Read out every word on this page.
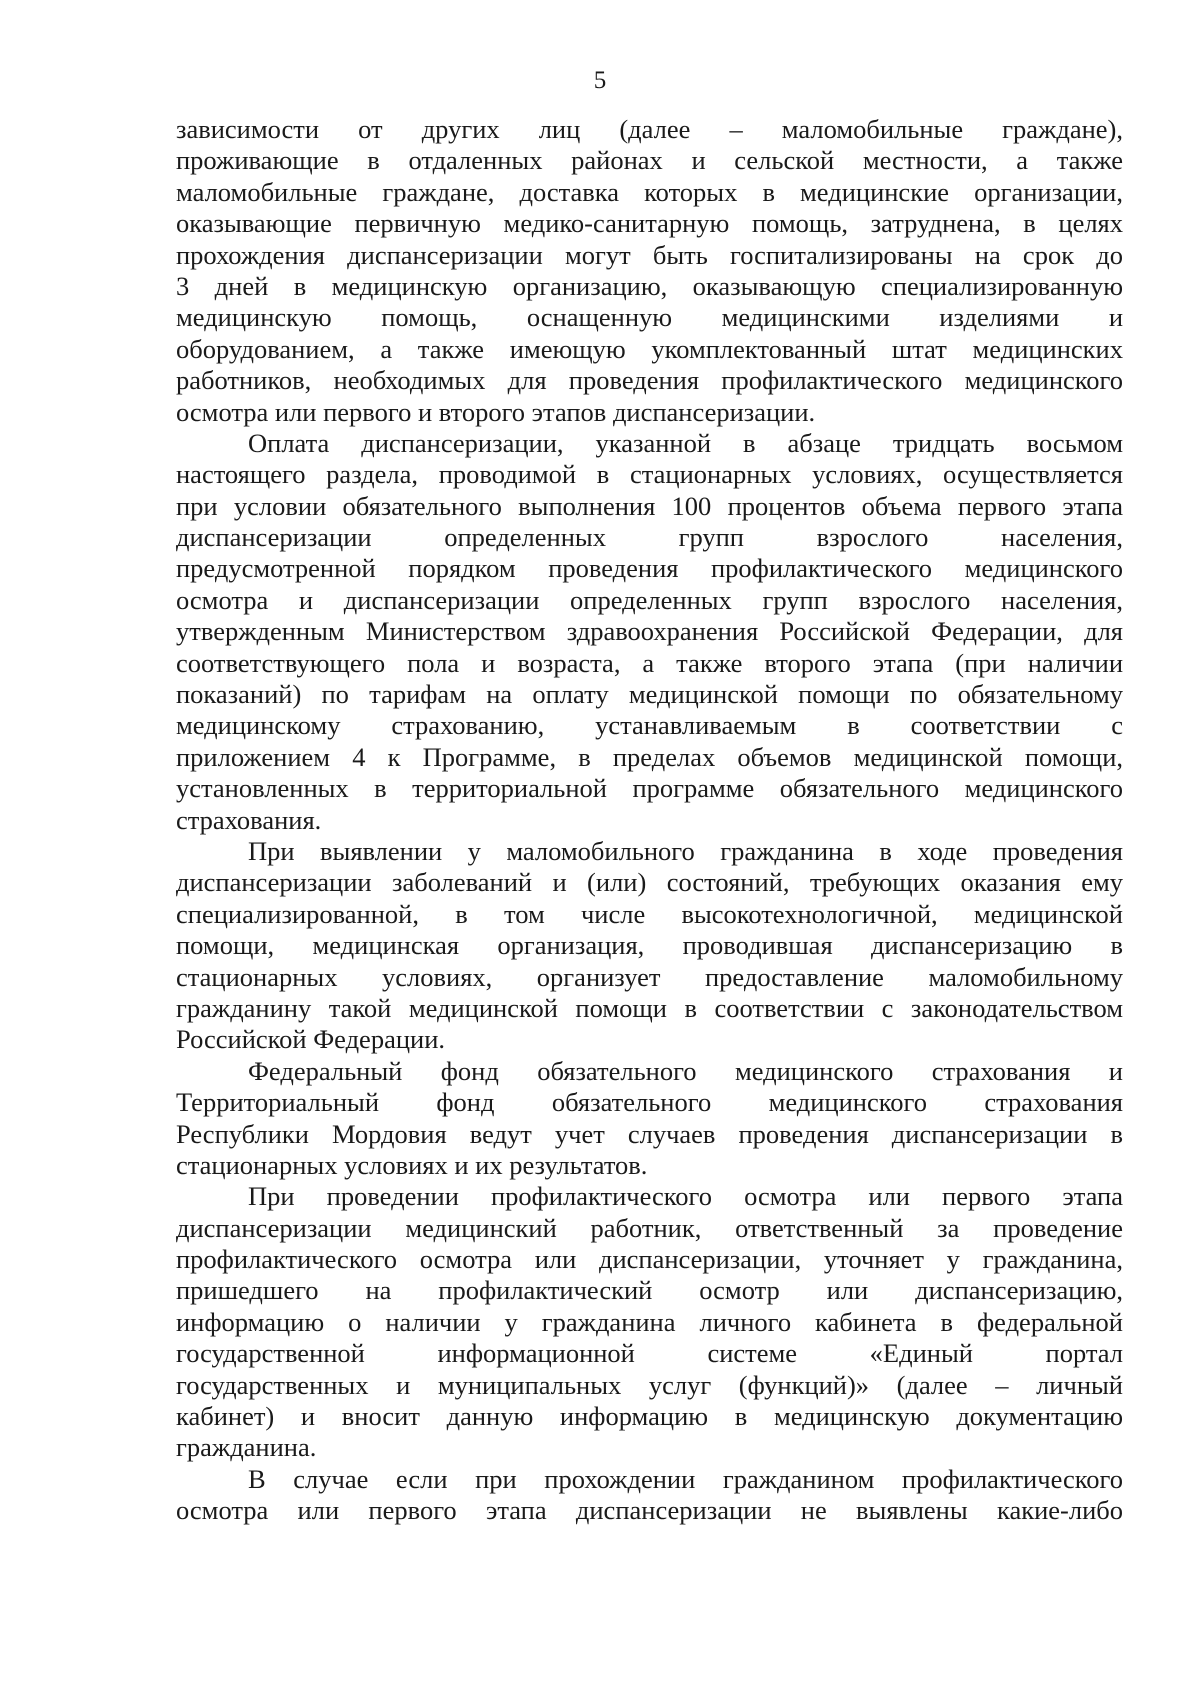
5
зависимости от других лиц (далее – маломобильные граждане),
проживающие в отдаленных районах и сельской местности, а также
маломобильные граждане, доставка которых в медицинские организации,
оказывающие первичную медико-санитарную помощь, затруднена, в целях
прохождения диспансеризации могут быть госпитализированы на срок до
3 дней в медицинскую организацию, оказывающую специализированную
медицинскую помощь, оснащенную медицинскими изделиями и
оборудованием, а также имеющую укомплектованный штат медицинских
работников, необходимых для проведения профилактического медицинского
осмотра или первого и второго этапов диспансеризации.
Оплата диспансеризации, указанной в абзаце тридцать восьмом
настоящего раздела, проводимой в стационарных условиях, осуществляется
при условии обязательного выполнения 100 процентов объема первого этапа
диспансеризации определенных групп взрослого населения,
предусмотренной порядком проведения профилактического медицинского
осмотра и диспансеризации определенных групп взрослого населения,
утвержденным Министерством здравоохранения Российской Федерации, для
соответствующего пола и возраста, а также второго этапа (при наличии
показаний) по тарифам на оплату медицинской помощи по обязательному
медицинскому страхованию, устанавливаемым в соответствии с
приложением 4 к Программе, в пределах объемов медицинской помощи,
установленных в территориальной программе обязательного медицинского
страхования.
При выявлении у маломобильного гражданина в ходе проведения
диспансеризации заболеваний и (или) состояний, требующих оказания ему
специализированной, в том числе высокотехнологичной, медицинской
помощи, медицинская организация, проводившая диспансеризацию в
стационарных условиях, организует предоставление маломобильному
гражданину такой медицинской помощи в соответствии с законодательством
Российской Федерации.
Федеральный фонд обязательного медицинского страхования и
Территориальный фонд обязательного медицинского страхования
Республики Мордовия ведут учет случаев проведения диспансеризации в
стационарных условиях и их результатов.
При проведении профилактического осмотра или первого этапа
диспансеризации медицинский работник, ответственный за проведение
профилактического осмотра или диспансеризации, уточняет у гражданина,
пришедшего на профилактический осмотр или диспансеризацию,
информацию о наличии у гражданина личного кабинета в федеральной
государственной информационной системе «Единый портал
государственных и муниципальных услуг (функций)» (далее – личный
кабинет) и вносит данную информацию в медицинскую документацию
гражданина.
В случае если при прохождении гражданином профилактического
осмотра или первого этапа диспансеризации не выявлены какие-либо
